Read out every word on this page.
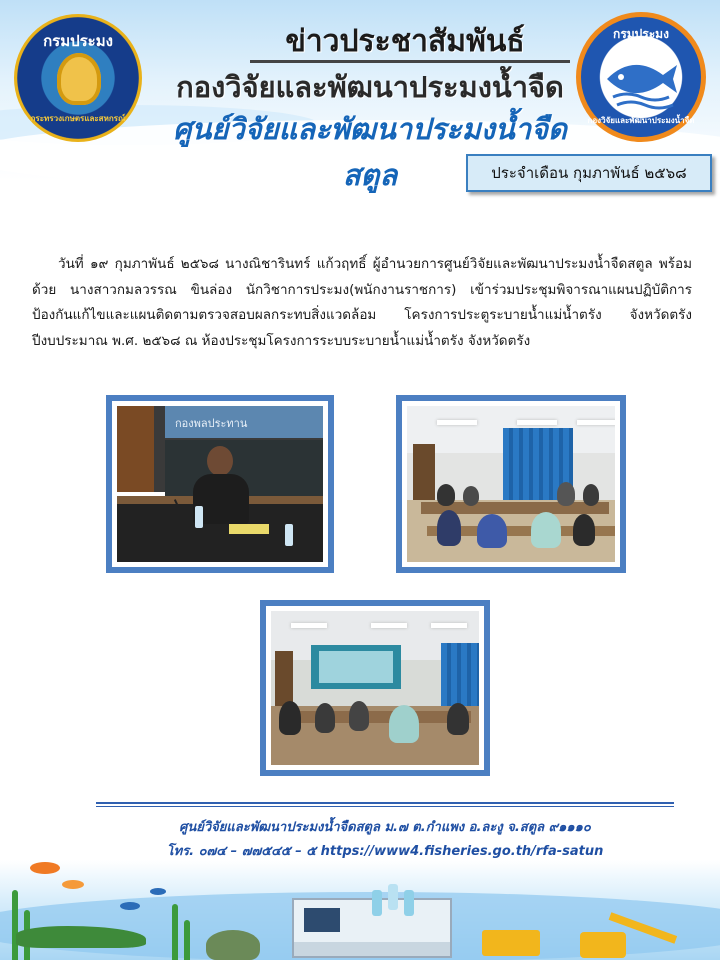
กรมประมง
กระทรวงเกษตรและสหกรณ์
ข่าวประชาสัมพันธ์
กองวิจัยและพัฒนาประมงน้ำจืด
ศูนย์วิจัยและพัฒนาประมงน้ำจืดสตูล
กรมประมง
กองวิจัยและพัฒนาประมงน้ำจืด
ประจำเดือน กุมภาพันธ์ ๒๕๖๘
วันที่ ๑๙ กุมภาพันธ์ ๒๕๖๘ นางณิชารินทร์ แก้วฤทธิ์ ผู้อำนวยการศูนย์วิจัยและพัฒนาประมงน้ำจืดสตูล พร้อมด้วย นางสาวกมลวรรณ ขินล่อง นักวิชาการประมง(พนักงานราชการ) เข้าร่วมประชุมพิจารณาแผนปฏิบัติการป้องกันแก้ไขและแผนติดตามตรวจสอบผลกระทบสิ่งแวดล้อม โครงการประตูระบายน้ำแม่น้ำตรัง จังหวัดตรัง ปีงบประมาณ พ.ศ. ๒๕๖๘ ณ ห้องประชุมโครงการระบบระบายน้ำแม่น้ำตรัง จังหวัดตรัง
กองพลประทาน
ศูนย์วิจัยและพัฒนาประมงน้ำจืดสตูล ม.๗ ต.กำแพง อ.ละงู จ.สตูล ๙๑๑๑๐
โทร. ๐๗๔ – ๗๗๕๔๕ – ๕ https://www4.fisheries.go.th/rfa-satun
